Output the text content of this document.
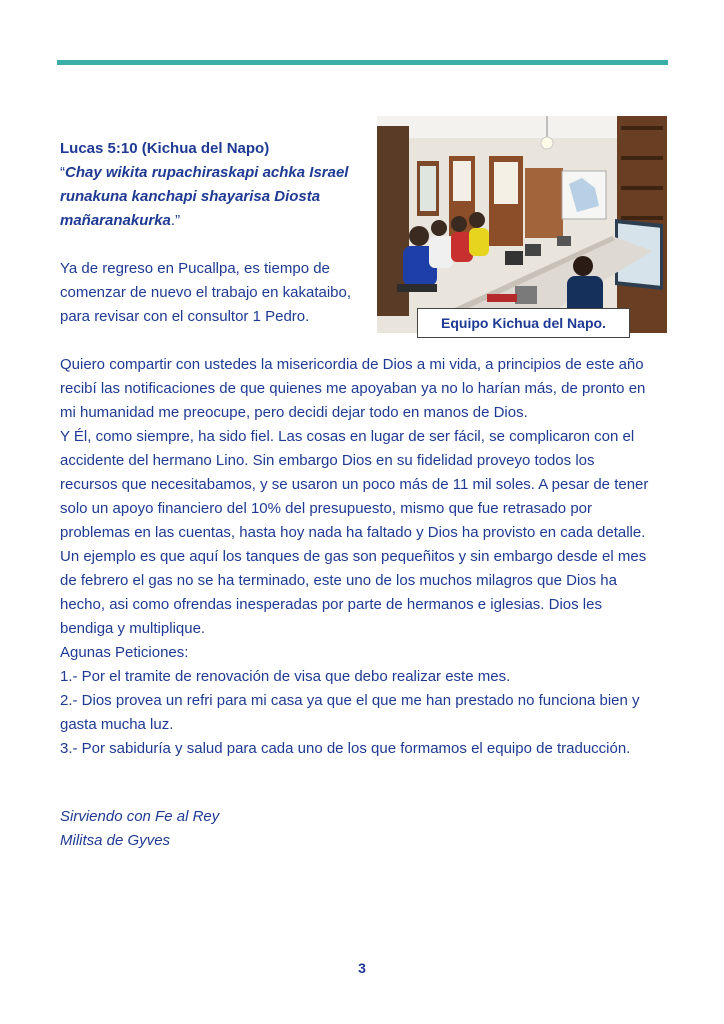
Lucas 5:10 (Kichua del Napo)

“Chay wikita rupachiraskapi achka Israel

runakuna kanchapi shayarisa Diosta

mañaranakurka.”

Ya de regreso en Pucallpa, es tiempo de
comenzar de nuevo el trabajo en kakataibo,
para revisar con el consultor 1 Pedro.	Equipo Kichua del Napo.
Quiero compartir con ustedes la misericordia de Dios a mi vida, a principios de este año
recibí las notificaciones de que quienes me apoyaban ya no lo harían más, de pronto en
mi humanidad me preocupe, pero decidi dejar todo en manos de Dios.
Y Él, como siempre, ha sido fiel. Las cosas en lugar de ser fácil, se complicaron con el
accidente del hermano Lino. Sin embargo Dios en su fidelidad proveyo todos los
recursos que necesitabamos, y se usaron un poco más de 11 mil soles. A pesar de tener
solo un apoyo financiero del 10% del presupuesto, mismo que fue retrasado por
problemas en las cuentas, hasta hoy nada ha faltado y Dios ha provisto en cada detalle.
Un ejemplo es que aquí los tanques de gas son pequeñitos y sin embargo desde el mes
de febrero el gas no se ha terminado, este uno de los muchos milagros que Dios ha
hecho, asi como ofrendas inesperadas por parte de hermanos e iglesias. Dios les
bendiga y multiplique.
Agunas Peticiones:
1.- Por el tramite de renovación de visa que debo realizar este mes.
2.- Dios provea un refri para mi casa ya que el que me han prestado no funciona bien y
gasta mucha luz.
3.- Por sabiduría y salud para cada uno de los que formamos el equipo de traducción.

Sirviendo con Fe al Rey

Militsa de Gyves

3
